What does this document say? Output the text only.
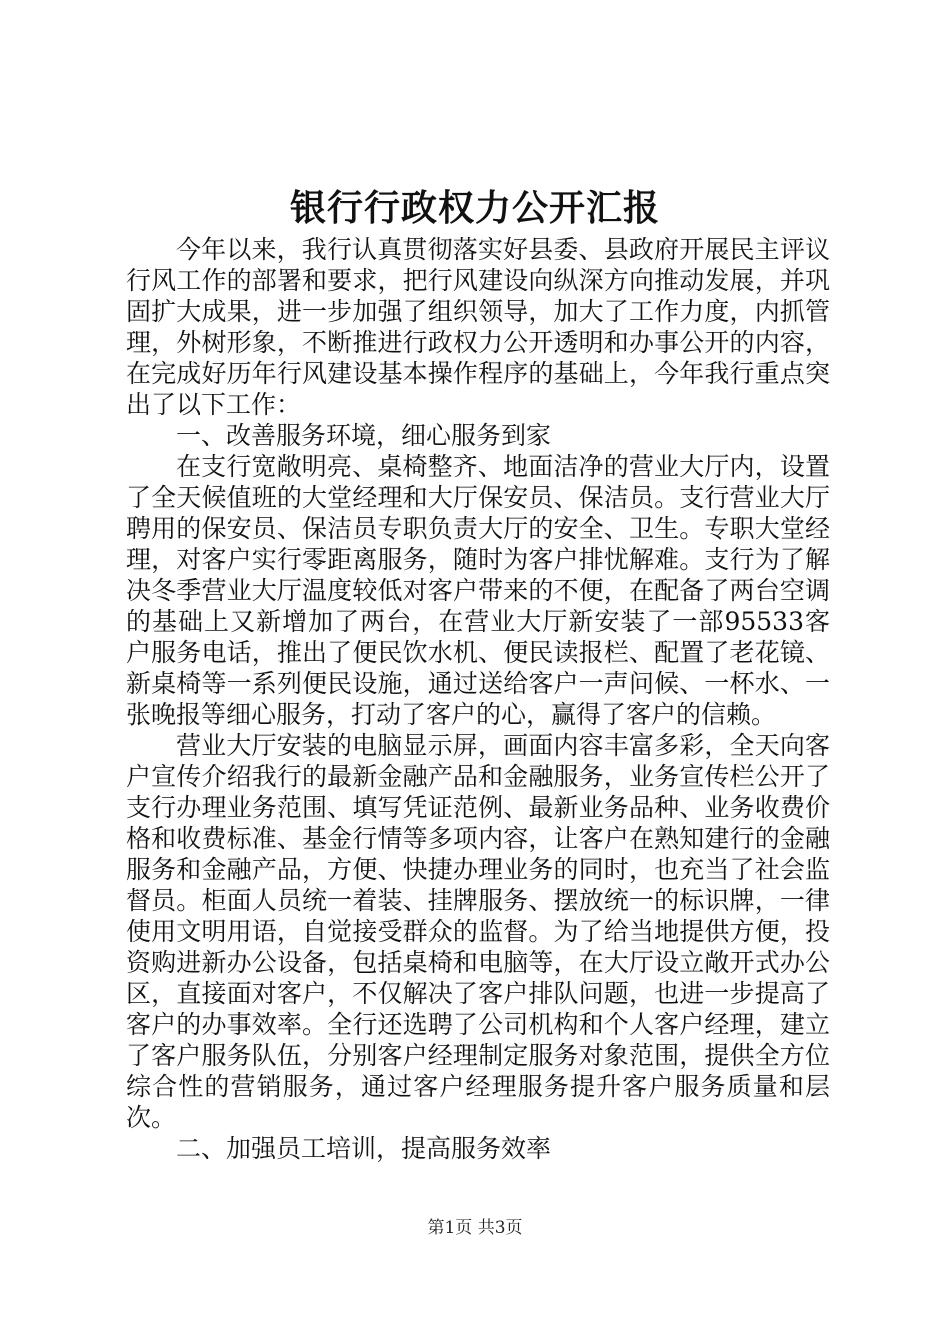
银行行政权力公开汇报

今年以来，我行认真贯彻落实好县委、县政府开展民主评议行风工作的部署和要求，把行风建设向纵深方向推动发展，并巩固扩大成果，进一步加强了组织领导，加大了工作力度，内抓管理，外树形象，不断推进行政权力公开透明和办事公开的内容，在完成好历年行风建设基本操作程序的基础上，今年我行重点突出了以下工作：

一、改善服务环境，细心服务到家

在支行宽敞明亮、桌椅整齐、地面洁净的营业大厅内，设置了全天候值班的大堂经理和大厅保安员、保洁员。支行营业大厅聘用的保安员、保洁员专职负责大厅的安全、卫生。专职大堂经理，对客户实行零距离服务，随时为客户排忧解难。支行为了解决冬季营业大厅温度较低对客户带来的不便，在配备了两台空调的基础上又新增加了两台，在营业大厅新安装了一部95533客户服务电话，推出了便民饮水机、便民读报栏、配置了老花镜、新桌椅等一系列便民设施，通过送给客户一声问候、一杯水、一张晚报等细心服务，打动了客户的心，赢得了客户的信赖。

营业大厅安装的电脑显示屏，画面内容丰富多彩，全天向客户宣传介绍我行的最新金融产品和金融服务，业务宣传栏公开了支行办理业务范围、填写凭证范例、最新业务品种、业务收费价格和收费标准、基金行情等多项内容，让客户在熟知建行的金融服务和金融产品，方便、快捷办理业务的同时，也充当了社会监督员。柜面人员统一着装、挂牌服务、摆放统一的标识牌，一律使用文明用语，自觉接受群众的监督。为了给当地提供方便，投资购进新办公设备，包括桌椅和电脑等，在大厅设立敞开式办公区，直接面对客户，不仅解决了客户排队问题，也进一步提高了客户的办事效率。全行还选聘了公司机构和个人客户经理，建立了客户服务队伍，分别客户经理制定服务对象范围，提供全方位综合性的营销服务，通过客户经理服务提升客户服务质量和层次。

二、加强员工培训，提高服务效率

第1页 共3页
